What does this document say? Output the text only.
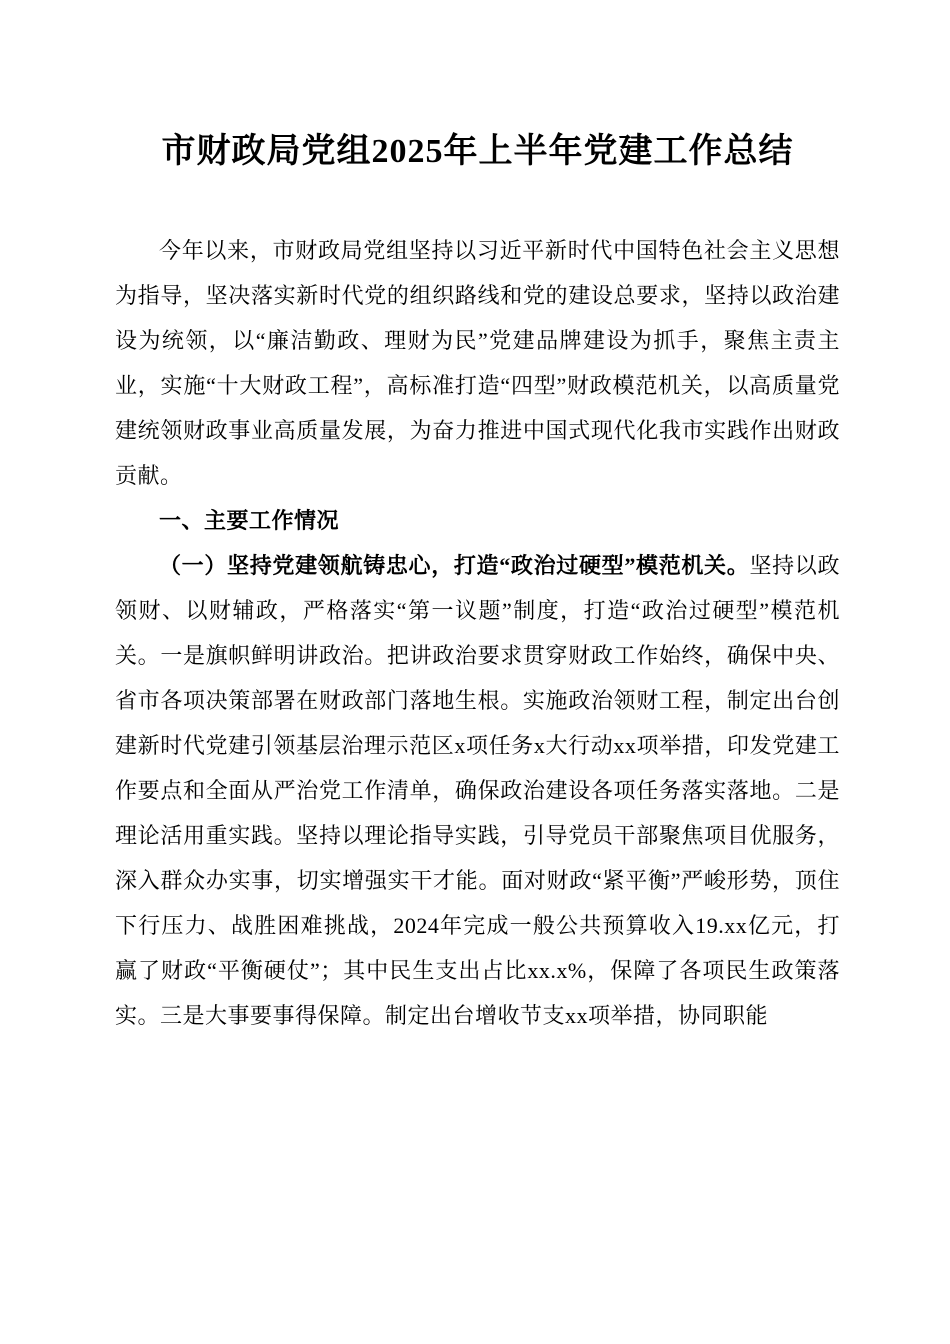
市财政局党组2025年上半年党建工作总结

今年以来，市财政局党组坚持以习近平新时代中国特色社会主义思想为指导，坚决落实新时代党的组织路线和党的建设总要求，坚持以政治建设为统领，以“廉洁勤政、理财为民”党建品牌建设为抓手，聚焦主责主业，实施“十大财政工程”，高标准打造“四型”财政模范机关，以高质量党建统领财政事业高质量发展，为奋力推进中国式现代化我市实践作出财政贡献。

一、主要工作情况

（一）坚持党建领航铸忠心，打造“政治过硬型”模范机关。坚持以政领财、以财辅政，严格落实“第一议题”制度，打造“政治过硬型”模范机关。一是旗帜鲜明讲政治。把讲政治要求贯穿财政工作始终，确保中央、省市各项决策部署在财政部门落地生根。实施政治领财工程，制定出台创建新时代党建引领基层治理示范区x项任务x大行动xx项举措，印发党建工作要点和全面从严治党工作清单，确保政治建设各项任务落实落地。二是理论活用重实践。坚持以理论指导实践，引导党员干部聚焦项目优服务，深入群众办实事，切实增强实干才能。面对财政“紧平衡”严峻形势，顶住下行压力、战胜困难挑战，2024年完成一般公共预算收入19.xx亿元，打赢了财政“平衡硬仗”；其中民生支出占比xx.x%，保障了各项民生政策落实。三是大事要事得保障。制定出台增收节支xx项举措，协同职能
